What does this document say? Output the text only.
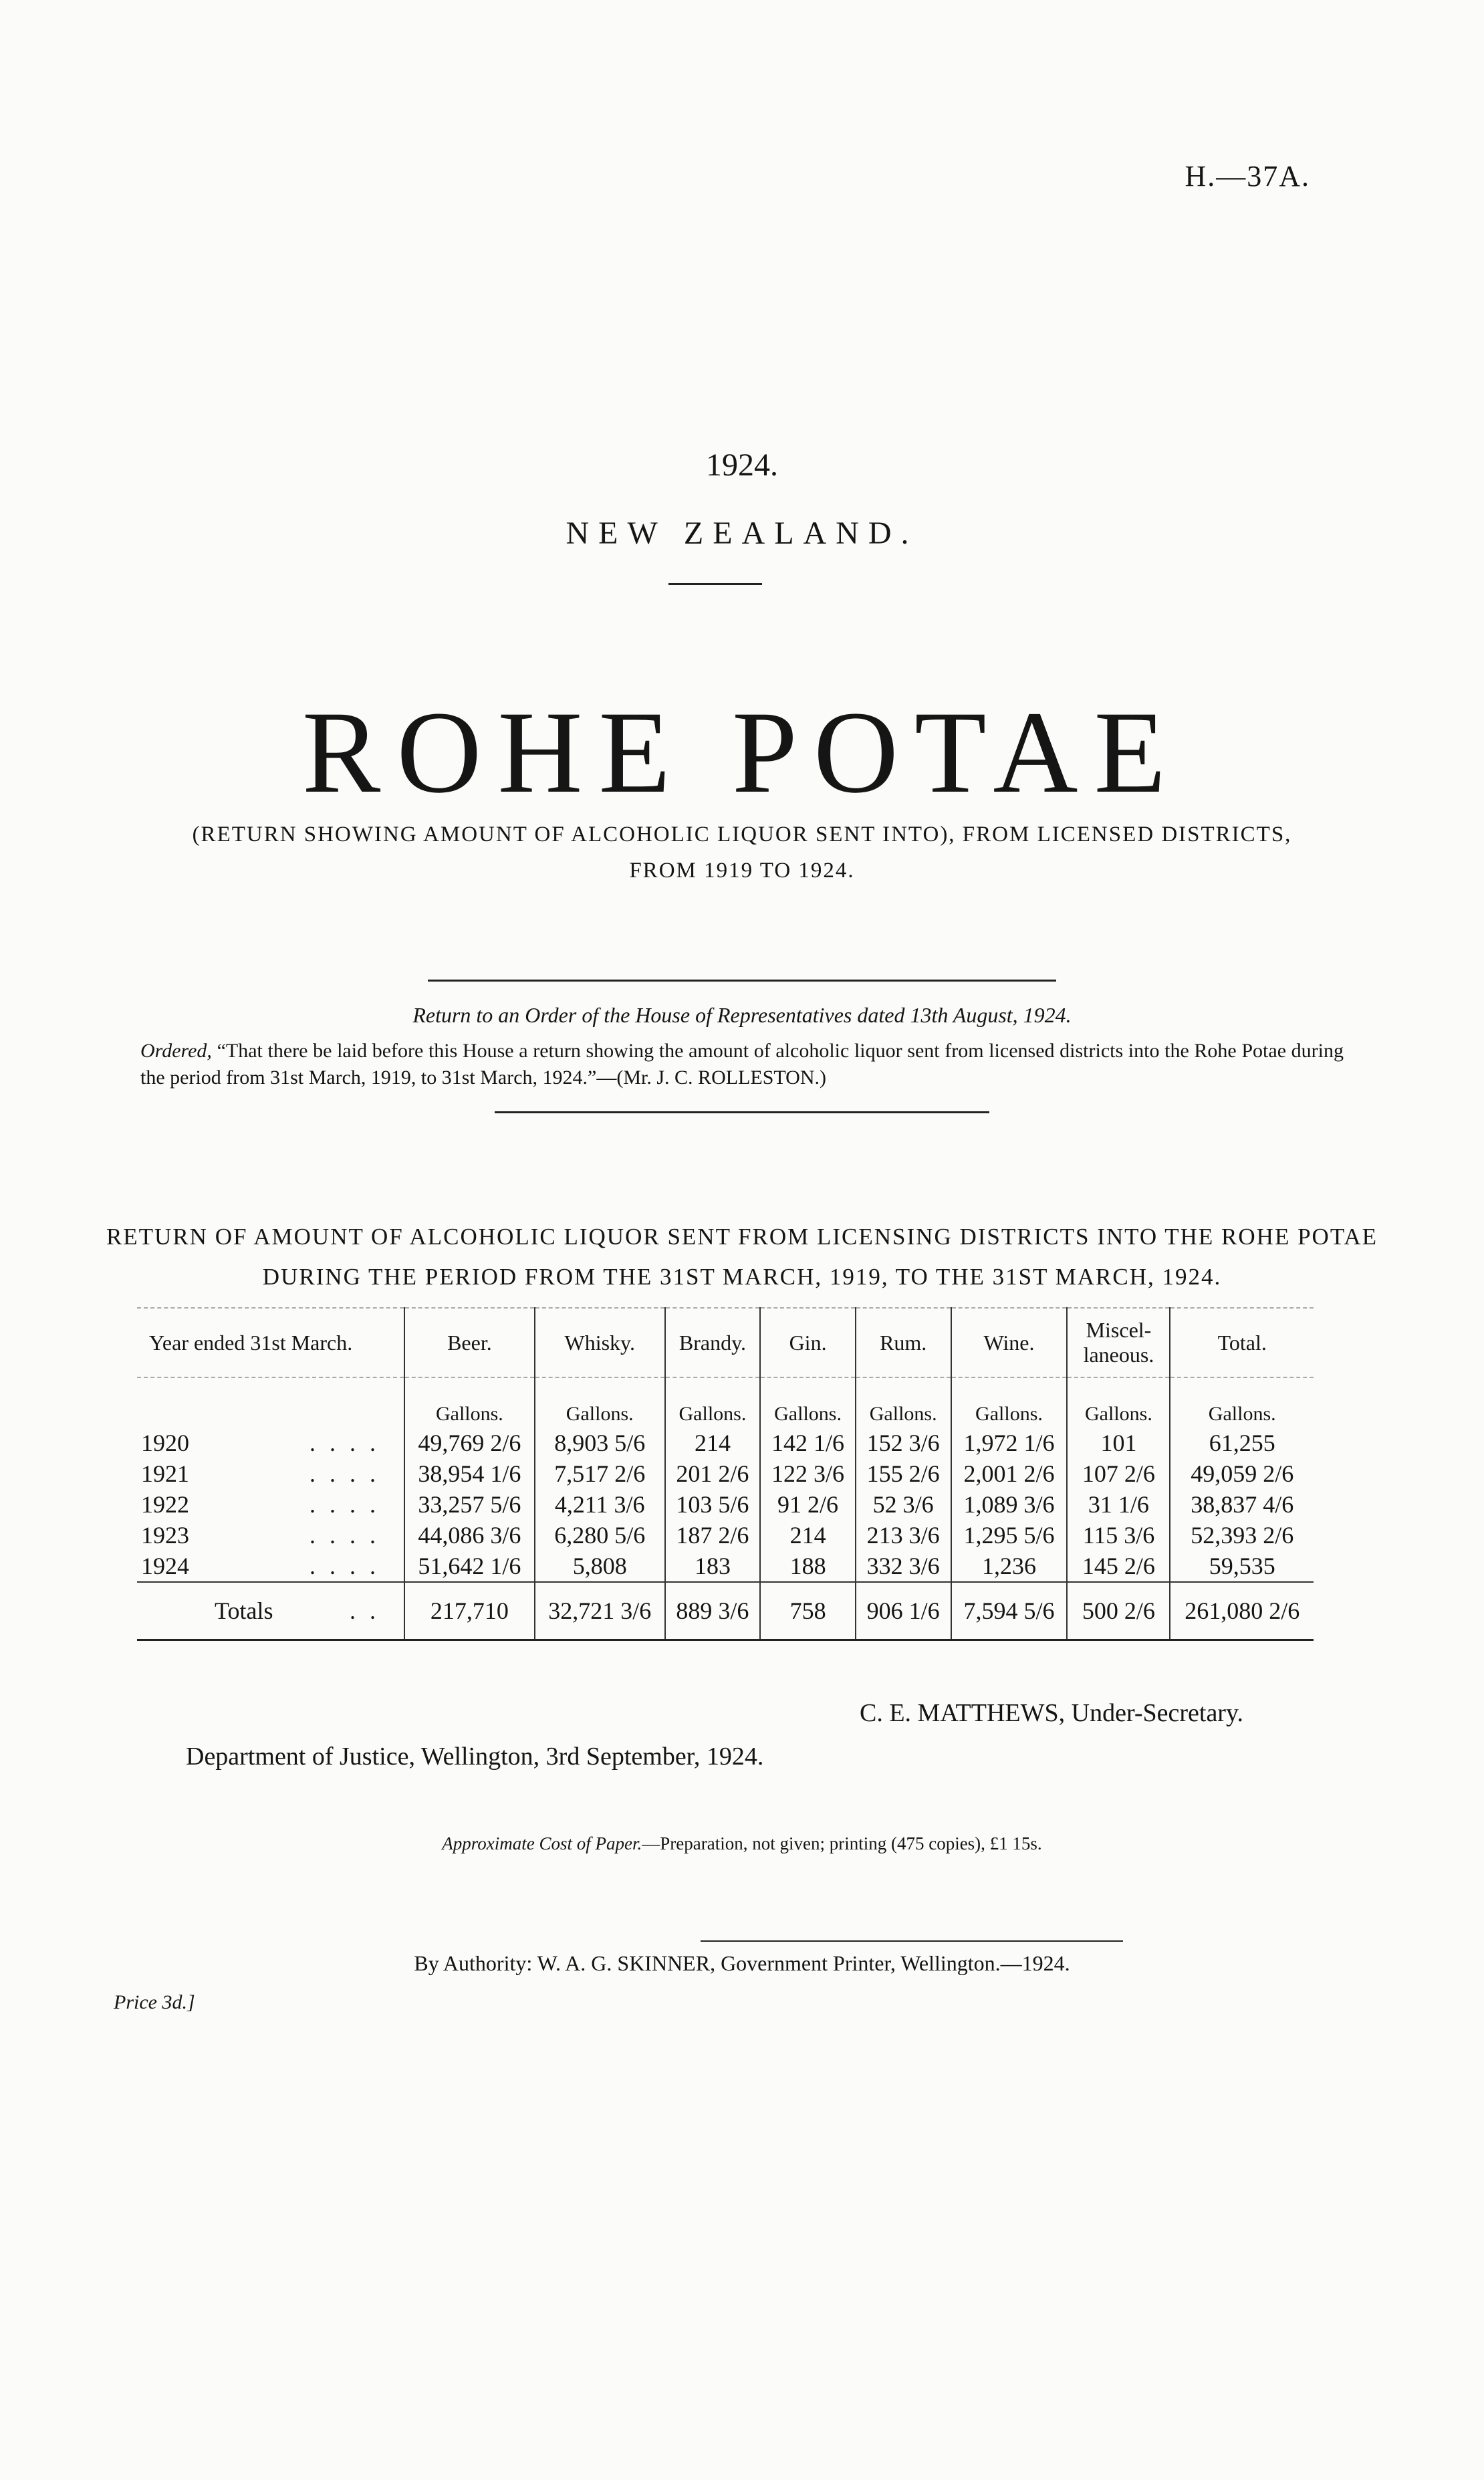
H.—37A.
1924.
NEW ZEALAND.
ROHE POTAE
(RETURN SHOWING AMOUNT OF ALCOHOLIC LIQUOR SENT INTO), FROM LICENSED DISTRICTS,
FROM 1919 TO 1924.
Return to an Order of the House of Representatives dated 13th August, 1924.
Ordered, “That there be laid before this House a return showing the amount of alcoholic liquor sent from licensed districts into the Rohe Potae during the period from 31st March, 1919, to 31st March, 1924.”—(Mr. J. C. ROLLESTON.)
RETURN OF AMOUNT OF ALCOHOLIC LIQUOR SENT FROM LICENSING DISTRICTS INTO THE ROHE POTAE
DURING THE PERIOD FROM THE 31ST MARCH, 1919, TO THE 31ST MARCH, 1924.
Year ended 31st March.	Beer.	Whisky.	Brandy.	Gin.	Rum.	Wine.	Miscel-laneous.	Total.
	Gallons.	Gallons.	Gallons.	Gallons.	Gallons.	Gallons.	Gallons.	Gallons.
1920 . . . .	49,769 2/6	8,903 5/6	214	142 1/6	152 3/6	1,972 1/6	101	61,255
1921 . . . .	38,954 1/6	7,517 2/6	201 2/6	122 3/6	155 2/6	2,001 2/6	107 2/6	49,059 2/6
1922 . . . .	33,257 5/6	4,211 3/6	103 5/6	91 2/6	52 3/6	1,089 3/6	31 1/6	38,837 4/6
1923 . . . .	44,086 3/6	6,280 5/6	187 2/6	214	213 3/6	1,295 5/6	115 3/6	52,393 2/6
1924 . . . .	51,642 1/6	5,808	183	188	332 3/6	1,236	145 2/6	59,535
Totals . .	217,710	32,721 3/6	889 3/6	758	906 1/6	7,594 5/6	500 2/6	261,080 2/6
C. E. MATTHEWS, Under-Secretary.
Department of Justice, Wellington, 3rd September, 1924.
Approximate Cost of Paper.—Preparation, not given; printing (475 copies), £1 15s.
By Authority: W. A. G. SKINNER, Government Printer, Wellington.—1924.
Price 3d.]
